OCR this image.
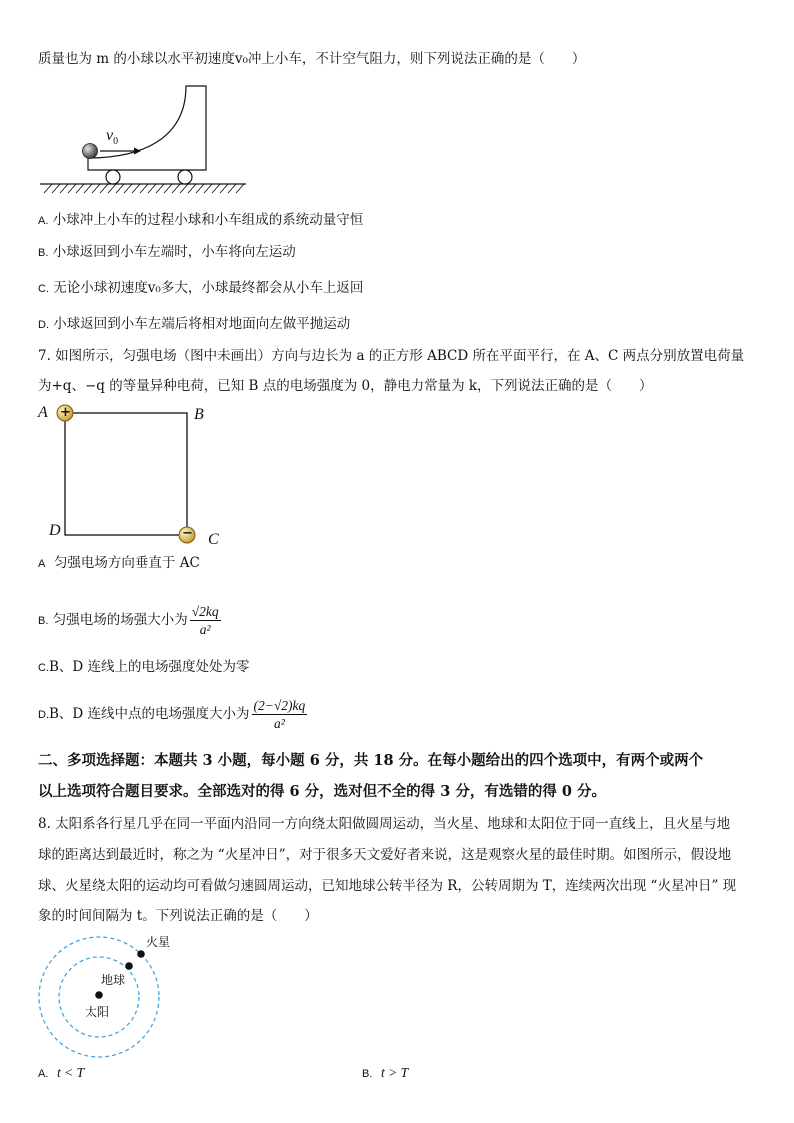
质量也为 m 的小球以水平初速度v₀冲上小车，不计空气阻力，则下列说法正确的是（　　）
$v_0$
A. 小球冲上小车的过程小球和小车组成的系统动量守恒
B. 小球返回到小车左端时，小车将向左运动
C. 无论小球初速度v₀多大，小球最终都会从小车上返回
D. 小球返回到小车左端后将相对地面向左做平抛运动
7. 如图所示，匀强电场（图中未画出）方向与边长为 a 的正方形 ABCD 所在平面平行，在 A、C 两点分别放置电荷量
为+q、−q 的等量异种电荷，已知 B 点的电场强度为 0，静电力常量为 k，下列说法正确的是（　　）
+
−
A	B
D
C
A 匀强电场方向垂直于 AC
B. 匀强电场的场强大小为 $\frac{√2kq}{\text{a²}}$
C.B、D 连线上的电场强度处处为零
D.B、D 连线中点的电场强度大小为 $\frac{(2-√2)kq}{\text{a²}}$
二、多项选择题：本题共 3 小题，每小题 6 分，共 18 分。在每小题给出的四个选项中，有两个或两个
以上选项符合题目要求。全部选对的得 6 分，选对但不全的得 3 分，有选错的得 0 分。
8. 太阳系各行星几乎在同一平面内沿同一方向绕太阳做圆周运动，当火星、地球和太阳位于同一直线上，且火星与地
球的距离达到最近时，称之为 “火星冲日”，对于很多天文爱好者来说，这是观察火星的最佳时期。如图所示，假设地
球、火星绕太阳的运动均可看做匀速圆周运动，已知地球公转半径为 R，公转周期为 T，连续两次出现 “火星冲日” 现
象的时间间隔为 t。下列说法正确的是（　　）
火星
地球
太阳
A. t < T	B. t > T
